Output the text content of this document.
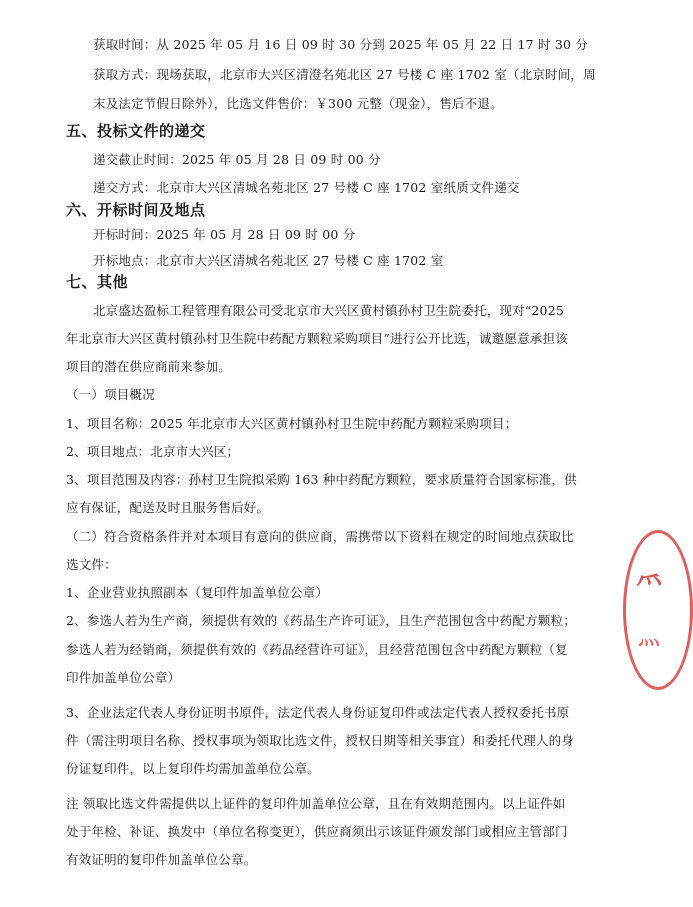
获取时间：从 2025 年 05 月 16 日 09 时 30 分到 2025 年 05 月 22 日 17 时 30 分
获取方式：现场获取，北京市大兴区清澄名苑北区 27 号楼 C 座 1702 室（北京时间，周
末及法定节假日除外），比选文件售价：￥300 元整（现金），售后不退。
五、投标文件的递交
递交截止时间：2025 年 05 月 28 日 09 时 00 分
递交方式：北京市大兴区清城名苑北区 27 号楼 C 座 1702 室纸质文件递交
六、开标时间及地点
开标时间：2025 年 05 月 28 日 09 时 00 分
开标地点：北京市大兴区清城名苑北区 27 号楼 C 座 1702 室
七、其他
北京盛达盈标工程管理有限公司受北京市大兴区黄村镇孙村卫生院委托，现对“2025
年北京市大兴区黄村镇孙村卫生院中药配方颗粒采购项目”进行公开比选，诚邀愿意承担该
项目的潜在供应商前来参加。
（一）项目概况
1、项目名称：2025 年北京市大兴区黄村镇孙村卫生院中药配方颗粒采购项目；
2、项目地点：北京市大兴区；
3、项目范围及内容：孙村卫生院拟采购 163 种中药配方颗粒，要求质量符合国家标准，供
应有保证，配送及时且服务售后好。
（二）符合资格条件并对本项目有意向的供应商，需携带以下资料在规定的时间地点获取比
选文件：
1、企业营业执照副本（复印件加盖单位公章）
2、参选人若为生产商，须提供有效的《药品生产许可证》，且生产范围包含中药配方颗粒；
参选人若为经销商，须提供有效的《药品经营许可证》，且经营范围包含中药配方颗粒（复
印件加盖单位公章）
3、企业法定代表人身份证明书原件，法定代表人身份证复印件或法定代表人授权委托书原
件（需注明项目名称、授权事项为领取比选文件，授权日期等相关事宜）和委托代理人的身
份证复印件，以上复印件均需加盖单位公章。
注 领取比选文件需提供以上证件的复印件加盖单位公章，且在有效期范围内。以上证件如
处于年检、补证、换发中（单位名称变更），供应商须出示该证件颁发部门或相应主管部门
有效证明的复印件加盖单位公章。
⺤
⺣
